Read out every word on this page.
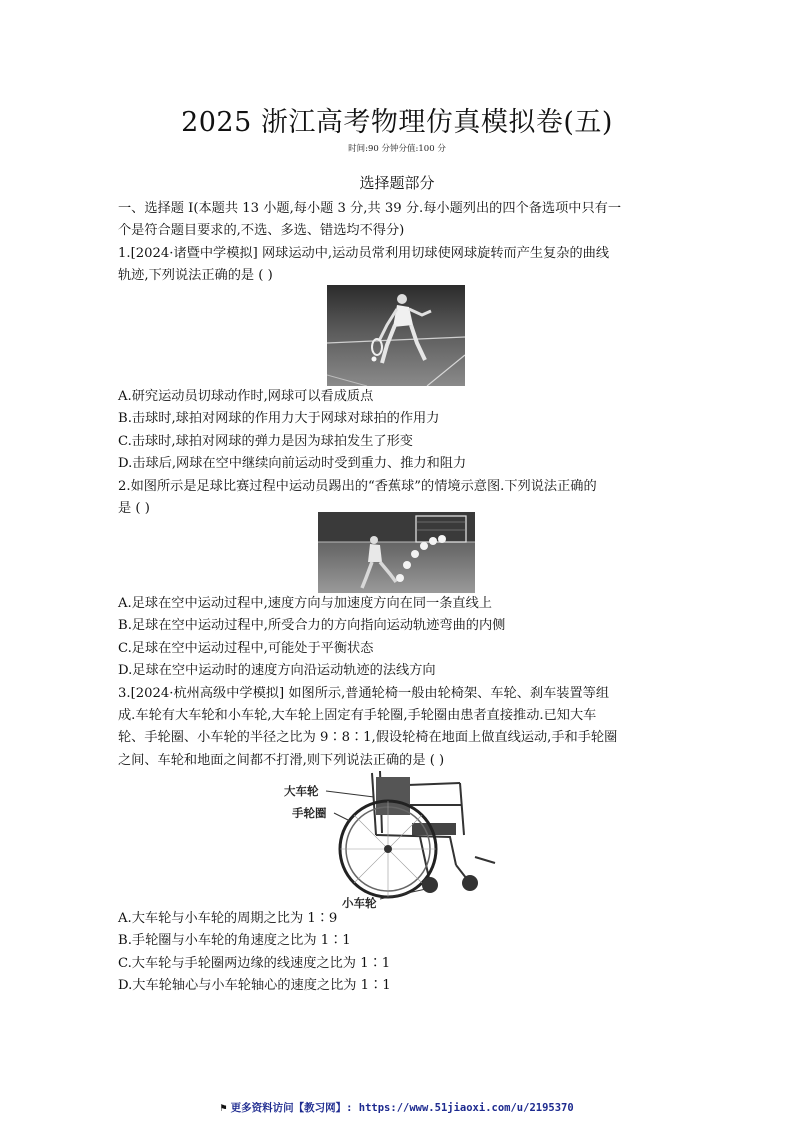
2025 浙江高考物理仿真模拟卷(五)
时间:90 分钟分值:100 分
选择题部分
一、选择题 Ⅰ(本题共 13 小题,每小题 3 分,共 39 分.每小题列出的四个备选项中只有一
个是符合题目要求的,不选、多选、错选均不得分)
1.[2024·诸暨中学模拟] 网球运动中,运动员常利用切球使网球旋转而产生复杂的曲线
轨迹,下列说法正确的是 ( )
A.研究运动员切球动作时,网球可以看成质点
B.击球时,球拍对网球的作用力大于网球对球拍的作用力
C.击球时,球拍对网球的弹力是因为球拍发生了形变
D.击球后,网球在空中继续向前运动时受到重力、推力和阻力
2.如图所示是足球比赛过程中运动员踢出的“香蕉球”的情境示意图.下列说法正确的
是 ( )
A.足球在空中运动过程中,速度方向与加速度方向在同一条直线上
B.足球在空中运动过程中,所受合力的方向指向运动轨迹弯曲的内侧
C.足球在空中运动过程中,可能处于平衡状态
D.足球在空中运动时的速度方向沿运动轨迹的法线方向
3.[2024·杭州高级中学模拟] 如图所示,普通轮椅一般由轮椅架、车轮、刹车装置等组
成.车轮有大车轮和小车轮,大车轮上固定有手轮圈,手轮圈由患者直接推动.已知大车
轮、手轮圈、小车轮的半径之比为 9∶8∶1,假设轮椅在地面上做直线运动,手和手轮圈
之间、车轮和地面之间都不打滑,则下列说法正确的是 ( )
大车轮
手轮圈
小车轮
A.大车轮与小车轮的周期之比为 1∶9
B.手轮圈与小车轮的角速度之比为 1∶1
C.大车轮与手轮圈两边缘的线速度之比为 1∶1
D.大车轮轴心与小车轮轴心的速度之比为 1∶1
⚑ 更多资料访问【教习网】: https://www.51jiaoxi.com/u/2195370
